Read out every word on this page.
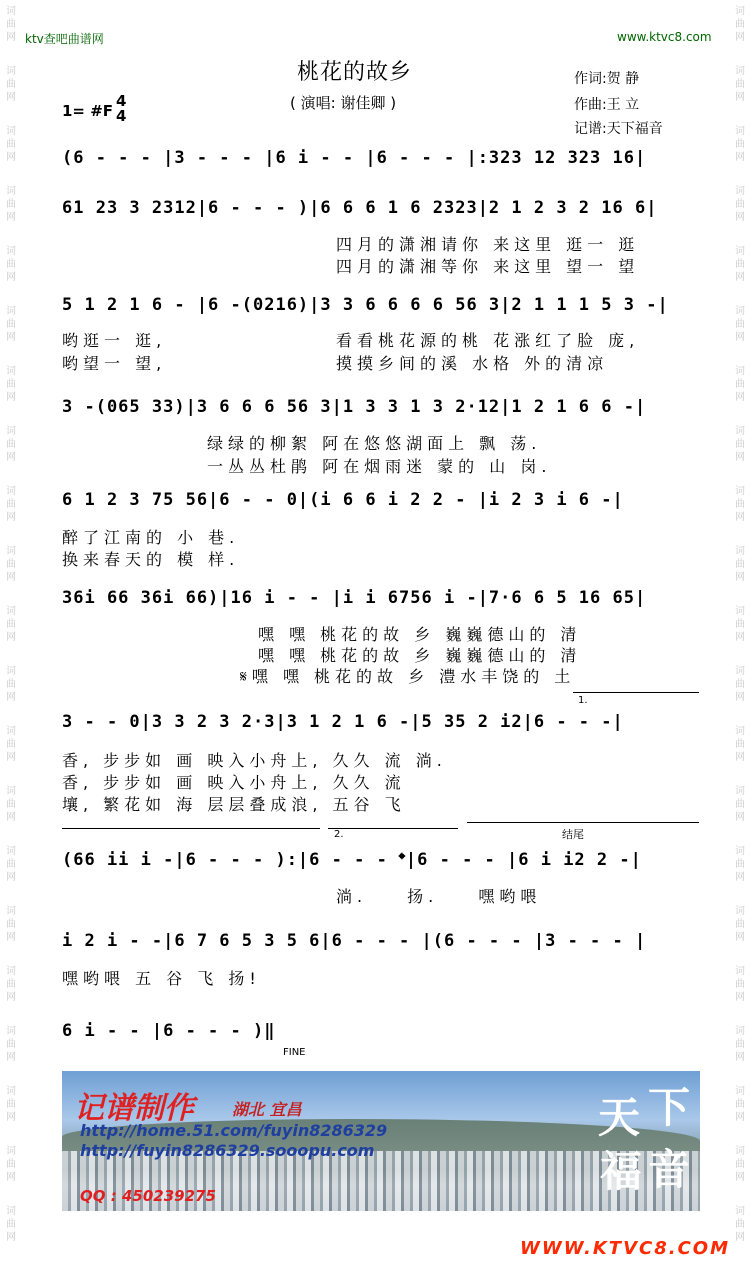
词
曲
网
词
曲
网
词
曲
网
词
曲
网
词
曲
网
词
曲
网
词
曲
网
词
曲
网
词
曲
网
词
曲
网
词
曲
网
词
曲
网
词
曲
网
词
曲
网
词
曲
网
词
曲
网
词
曲
网
词
曲
网
词
曲
网
词
曲
网
词
曲
网
词
曲
网
词
曲
网
词
曲
网
词
曲
网
词
曲
网
词
曲
网
词
曲
网
词
曲
网
词
曲
网
词
曲
网
词
曲
网
词
曲
网
词
曲
网
词
曲
网
词
曲
网
词
曲
网
词
曲
网
词
曲
网
词
曲
网
词
曲
网
词
曲
网
ktv查吧曲谱网	www.ktvc8.com
桃花的故乡
( 演唱: 谢佳卿 )
作词:贺 静
作曲:王 立
记谱:天下福音
1= #F
4
4
(6 - - - |3 - - - |6 i - - |6 - - - |:323 12 323 16|
61 23 3 2312|6 - - - )|6 6 6 1 6 2323|2 1 2 3 2 16 6|
四月的潇湘请你 来这里 逛一 逛
四月的潇湘等你 来这里 望一 望
5 1 2 1 6 - |6 -(0216)|3 3 6 6 6 6 56 3|2 1 1 1 5 3 -|
哟逛一 逛,
哟望一 望,
看看桃花源的桃 花涨红了脸 庞,
摸摸乡间的溪 水格 外的清凉
3 -(065 33)|3 6 6 6 56 3|1 3 3 1 3 2·12|1 2 1 6 6 -|
绿绿的柳絮 阿在悠悠湖面上 飘 荡.
一丛丛杜鹃 阿在烟雨迷 蒙的 山 岗.
6 1 2 3 75 56|6 - - 0|(i 6 6 i 2 2 - |i 2 3 i 6 -|
醉了江南的 小 巷.
换来春天的 模 样.
36i 66 36i 66)|16 i - - |i i 6756 i -|7·6 6 5 16 65|
嘿 嘿 桃花的故 乡 巍巍德山的 清
嘿 嘿 桃花的故 乡 巍巍德山的 清
𝄋嘿 嘿 桃花的故 乡 澧水丰饶的 土
3 - - 0|3 3 2 3 2·3|3 1 2 1 6 -|5 35 2 i2|6 - - -|
香, 步步如 画 映入小舟上, 久久 流 淌.
香, 步步如 画 映入小舟上, 久久 流
壤, 繁花如 海 层层叠成浪, 五谷 飞
1.
2.	结尾
(66 ii i -|6 - - - ):|6 - - - 𝄌|6 - - - |6 i i2 2 -|
淌. 扬. 嘿哟喂
i 2 i - -|6 7 6 5 3 5 6|6 - - - |(6 - - - |3 - - - |
嘿哟喂 五 谷 飞 扬!
6 i - - |6 - - - )‖
FINE
记谱制作 湖北 宜昌
http://home.51.com/fuyin8286329
http://fuyin8286329.sooopu.com
QQ : 450239275
天 下
福 音
WWW.KTVC8.COM
